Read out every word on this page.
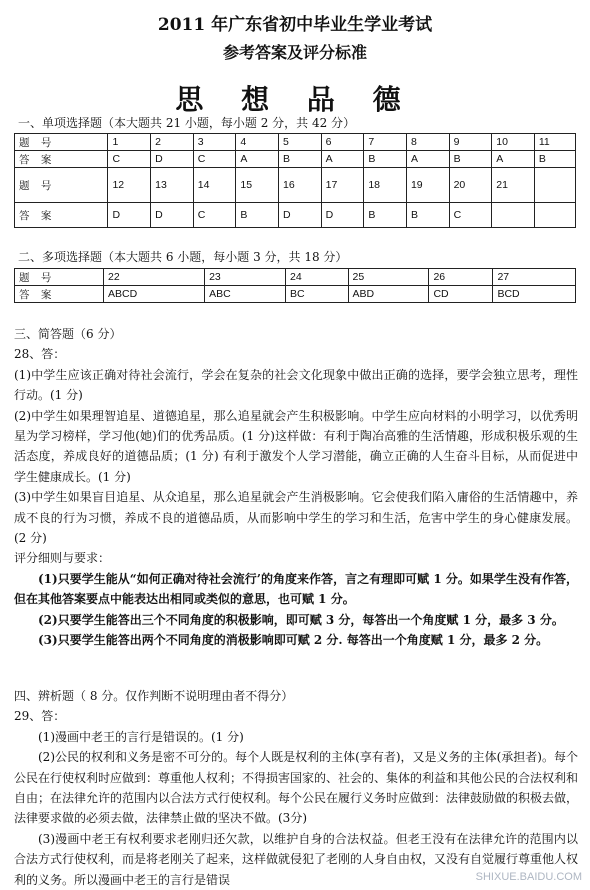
2011 年广东省初中毕业生学业考试
参考答案及评分标准
思 想 品 德
一、单项选择题（本大题共 21 小题，每小题 2 分，共 42 分）
题 号	1	2	3	4	5	6	7	8	9	10	11
答 案	C	D	C	A	B	A	B	A	B	A	B
题 号	12	13	14	15	16	17	18	19	20	21	
答 案	D	D	C	B	D	D	B	B	C		
二、多项选择题（本大题共 6 小题，每小题 3 分，共 18 分）
题 号	22	23	24	25	26	27
答 案	ABCD	ABC	BC	ABD	CD	BCD

三、简答题（6 分）

28、答：

(1)中学生应该正确对待社会流行，学会在复杂的社会文化现象中做出正确的选择，要学会独立思考，理性行动。(1 分)

(2)中学生如果理智追星、道德追星，那么追星就会产生积极影响。中学生应向材料的小明学习，以优秀明星为学习榜样，学习他(她)们的优秀品质。(1 分)这样做：有利于陶冶高雅的生活情趣，形成积极乐观的生活态度，养成良好的道德品质；(1 分) 有利于激发个人学习潜能，确立正确的人生奋斗目标，从而促进中学生健康成长。(1 分)

(3)中学生如果盲目追星、从众追星，那么追星就会产生消极影响。它会使我们陷入庸俗的生活情趣中，养成不良的行为习惯，养成不良的道德品质，从而影响中学生的学习和生活，危害中学生的身心健康发展。(2 分)

评分细则与要求：

(1)只要学生能从“如何正确对待社会流行’的角度来作答，言之有理即可赋 1 分。如果学生没有作答，但在其他答案要点中能表达出相同或类似的意思，也可赋 1 分。

(2)只要学生能答出三个不同角度的积极影响，即可赋 3 分，每答出一个角度赋 1 分，最多 3 分。

(3)只要学生能答出两个不同角度的消极影响即可赋 2 分. 每答出一个角度赋 1 分，最多 2 分。

四、辨析题（ 8 分。仅作判断不说明理由者不得分）

29、答：

(1)漫画中老王的言行是错误的。(1 分)

(2)公民的权利和义务是密不可分的。每个人既是权利的主体(享有者)，又是义务的主体(承担者)。每个公民在行使权利时应做到：尊重他人权利；不得损害国家的、社会的、集体的利益和其他公民的合法权利和自由；在法律允许的范围内以合法方式行使权利。每个公民在履行义务时应做到：法律鼓励做的积极去做，法律要求做的必须去做，法律禁止做的坚决不做。(3分)

(3)漫画中老王有权利要求老刚归还欠款，以维护自身的合法权益。但老王没有在法律允许的范围内以合法方式行使权利，而是将老刚关了起来，这样做就侵犯了老刚的人身自由权，又没有自觉履行尊重他人权利的义务。所以漫画中老王的言行是错误	SHIXUE.BAIDU.COM
